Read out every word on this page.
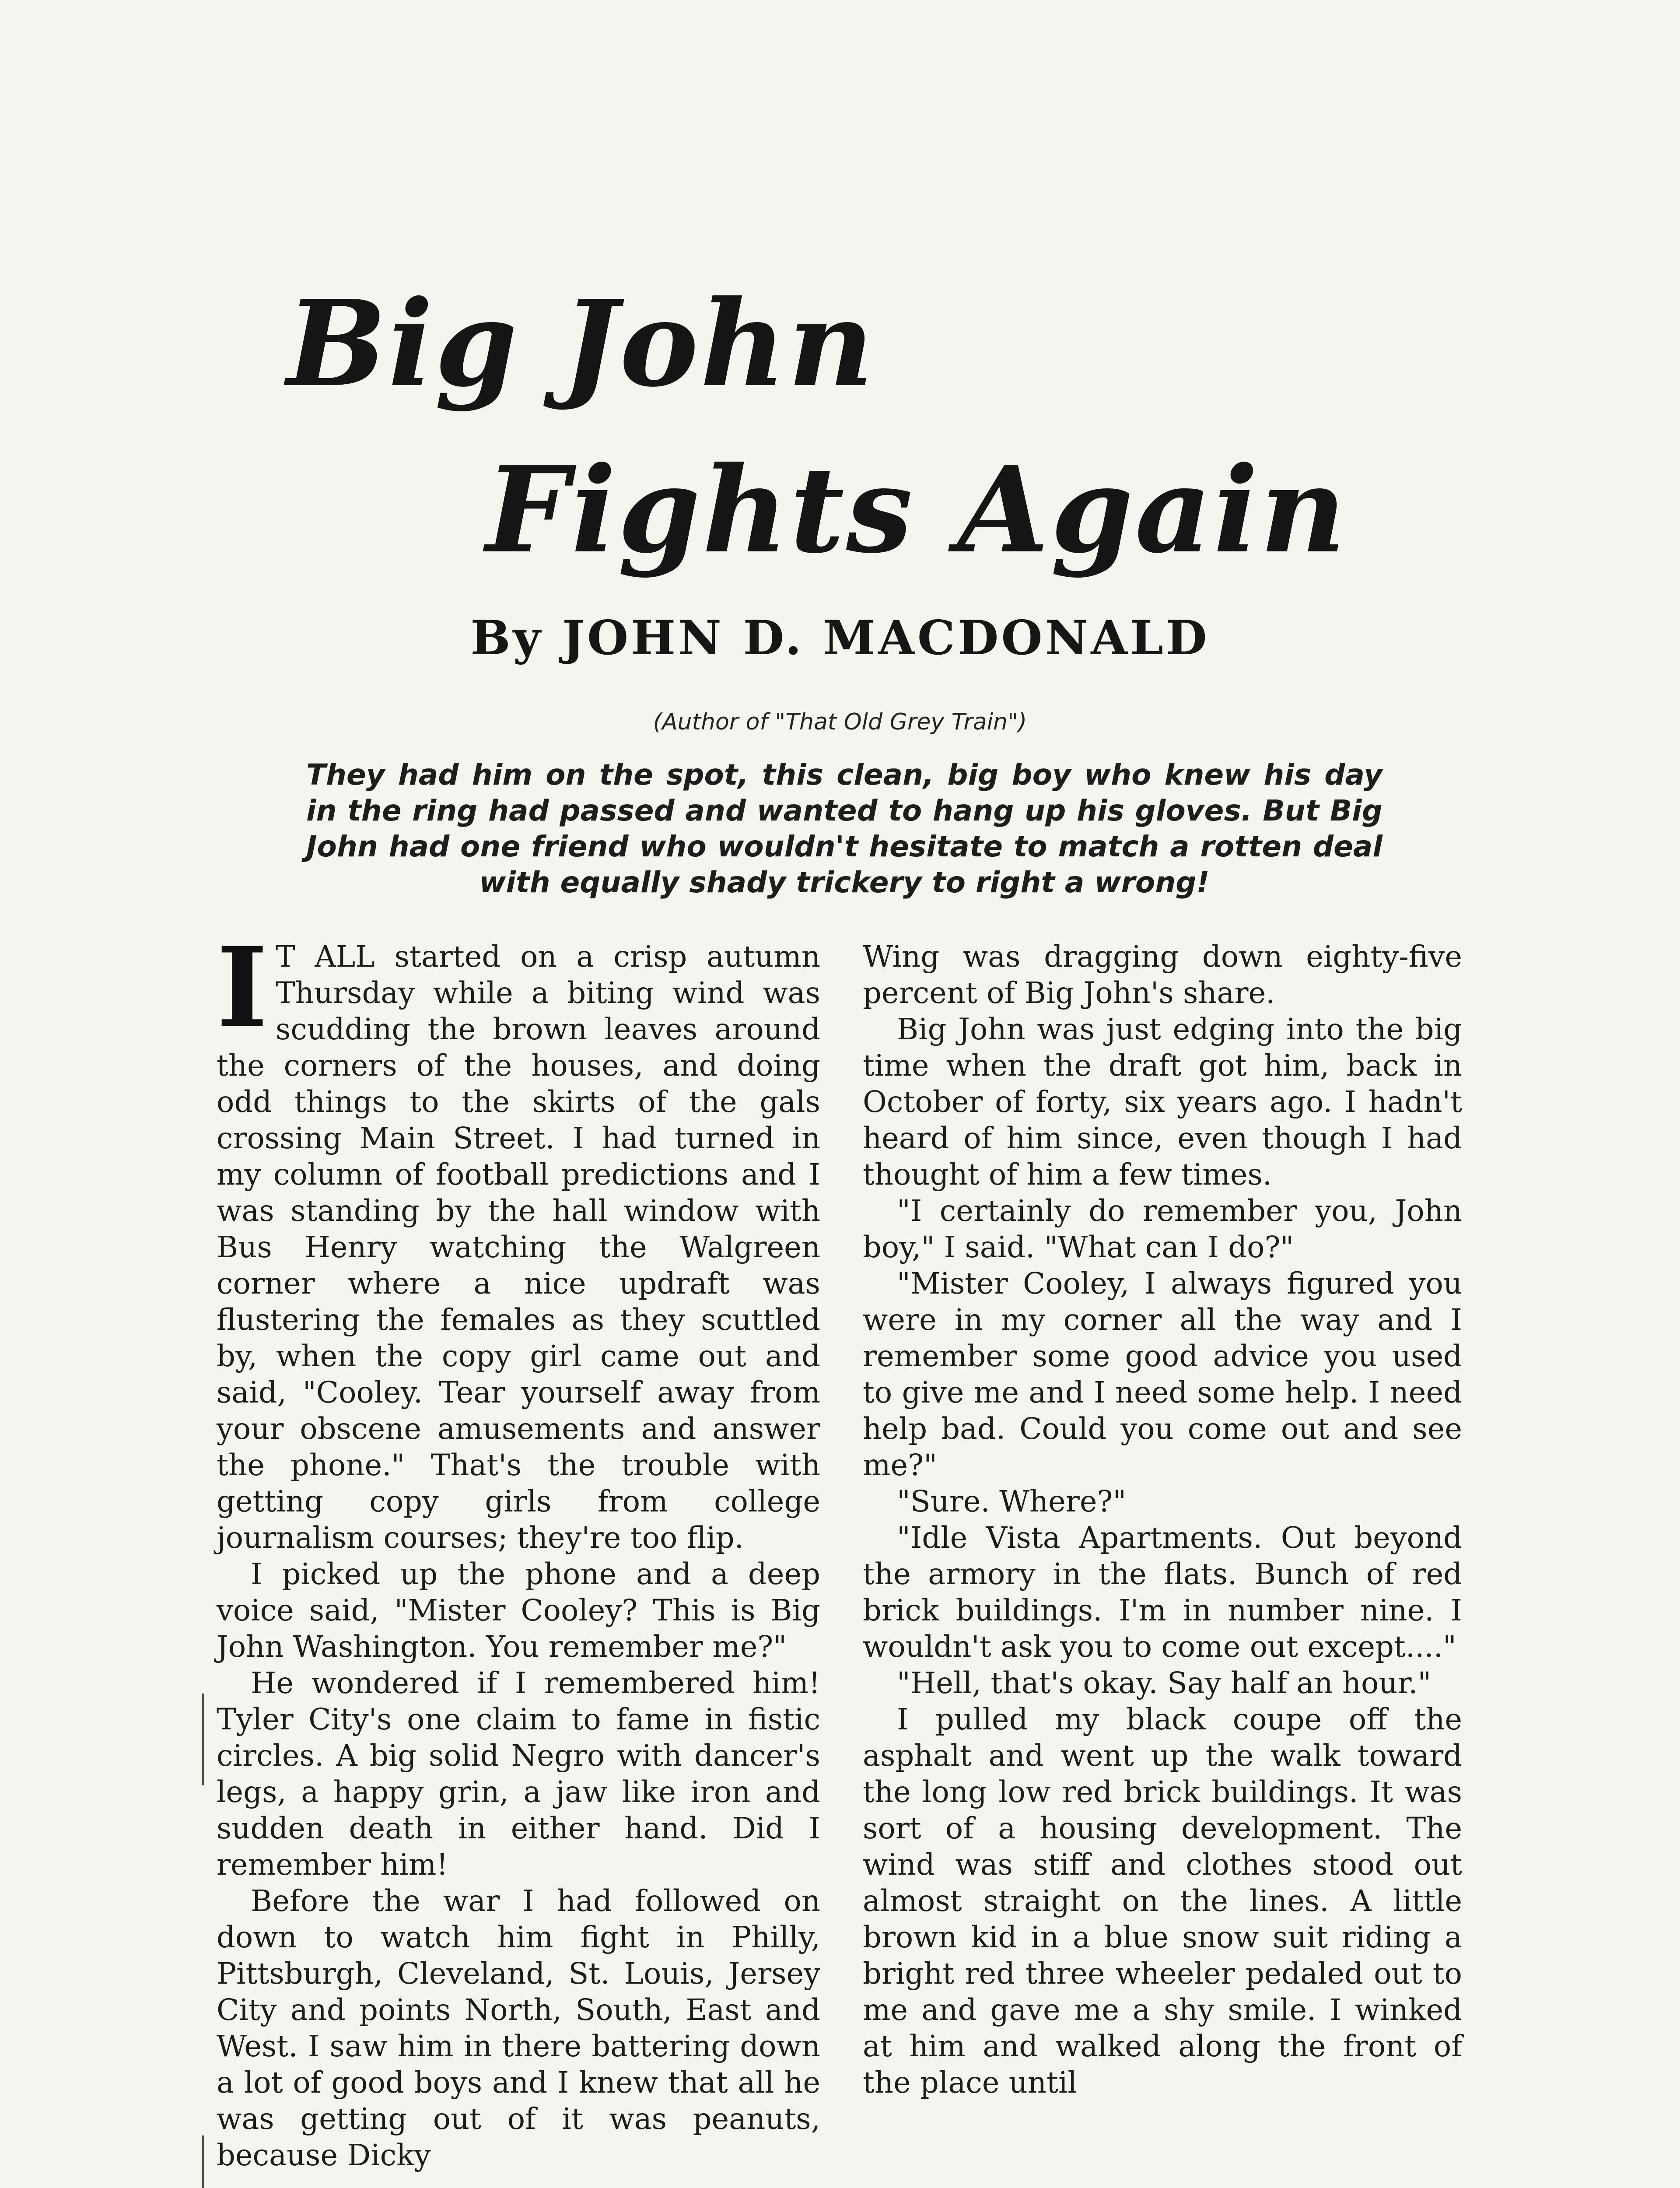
Big John
Fights Again
By JOHN D. MACDONALD
(Author of "That Old Grey Train")
They had him on the spot, this clean, big boy who knew his day in the ring had passed and wanted to hang up his gloves. But Big John had one friend who wouldn't hesitate to match a rotten deal with equally shady trickery to right a wrong!
I T ALL started on a crisp autumn Thursday while a biting wind was scudding the brown leaves around the corners of the houses, and doing odd things to the skirts of the gals crossing Main Street. I had turned in my column of football predictions and I was standing by the hall window with Bus Henry watching the Walgreen corner where a nice updraft was flustering the females as they scuttled by, when the copy girl came out and said, "Cooley. Tear yourself away from your obscene amusements and answer the phone." That's the trouble with getting copy girls from college journalism courses; they're too flip.

I picked up the phone and a deep voice said, "Mister Cooley? This is Big John Washington. You remember me?"

He wondered if I remembered him! Tyler City's one claim to fame in fistic circles. A big solid Negro with dancer's legs, a happy grin, a jaw like iron and sudden death in either hand. Did I remember him!

Before the war I had followed on down to watch him fight in Philly, Pittsburgh, Cleveland, St. Louis, Jersey City and points North, South, East and West. I saw him in there battering down a lot of good boys and I knew that all he was getting out of it was peanuts, because Dicky

Wing was dragging down eighty-five percent of Big John's share.

Big John was just edging into the big time when the draft got him, back in October of forty, six years ago. I hadn't heard of him since, even though I had thought of him a few times.

"I certainly do remember you, John boy," I said. "What can I do?"

"Mister Cooley, I always figured you were in my corner all the way and I remember some good advice you used to give me and I need some help. I need help bad. Could you come out and see me?"

"Sure. Where?"

"Idle Vista Apartments. Out beyond the armory in the flats. Bunch of red brick buildings. I'm in number nine. I wouldn't ask you to come out except...."

"Hell, that's okay. Say half an hour."

I pulled my black coupe off the asphalt and went up the walk toward the long low red brick buildings. It was sort of a housing development. The wind was stiff and clothes stood out almost straight on the lines. A little brown kid in a blue snow suit riding a bright red three wheeler pedaled out to me and gave me a shy smile. I winked at him and walked along the front of the place until
